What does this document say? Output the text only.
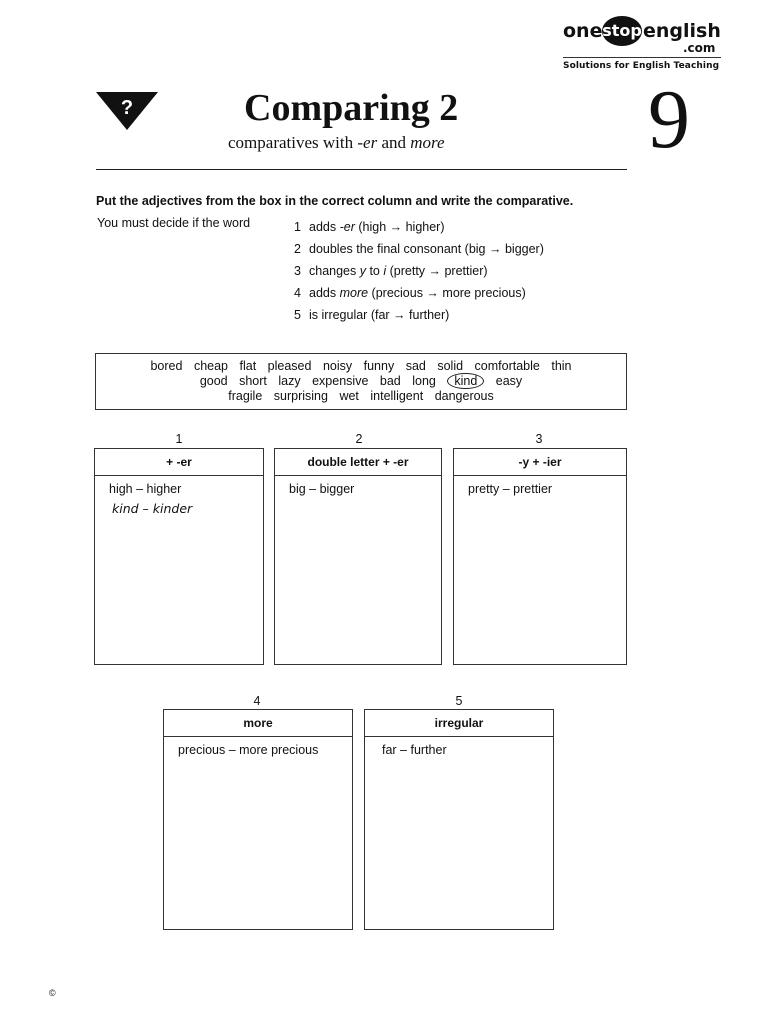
one stop english
.com
Solutions for English Teaching
?	Comparing 2
comparatives with -er and more 9
Put the adjectives from the box in the correct column and write the comparative.
You must decide if the word	1 adds -er (high → higher)
2 doubles the final consonant (big → bigger)
3 changes y to i (pretty → prettier)
4 adds more (precious → more precious)
5 is irregular (far → further)
bored cheap flat pleased noisy funny sad solid comfortable thin
good short lazy expensive bad long kind easy
fragile surprising wet intelligent dangerous
1
+ -er
high – higher
kind – kinder
2
double letter + -er
big – bigger
3
-y + -ier
pretty – prettier
4
more
precious – more precious
5
irregular
far – further
©
